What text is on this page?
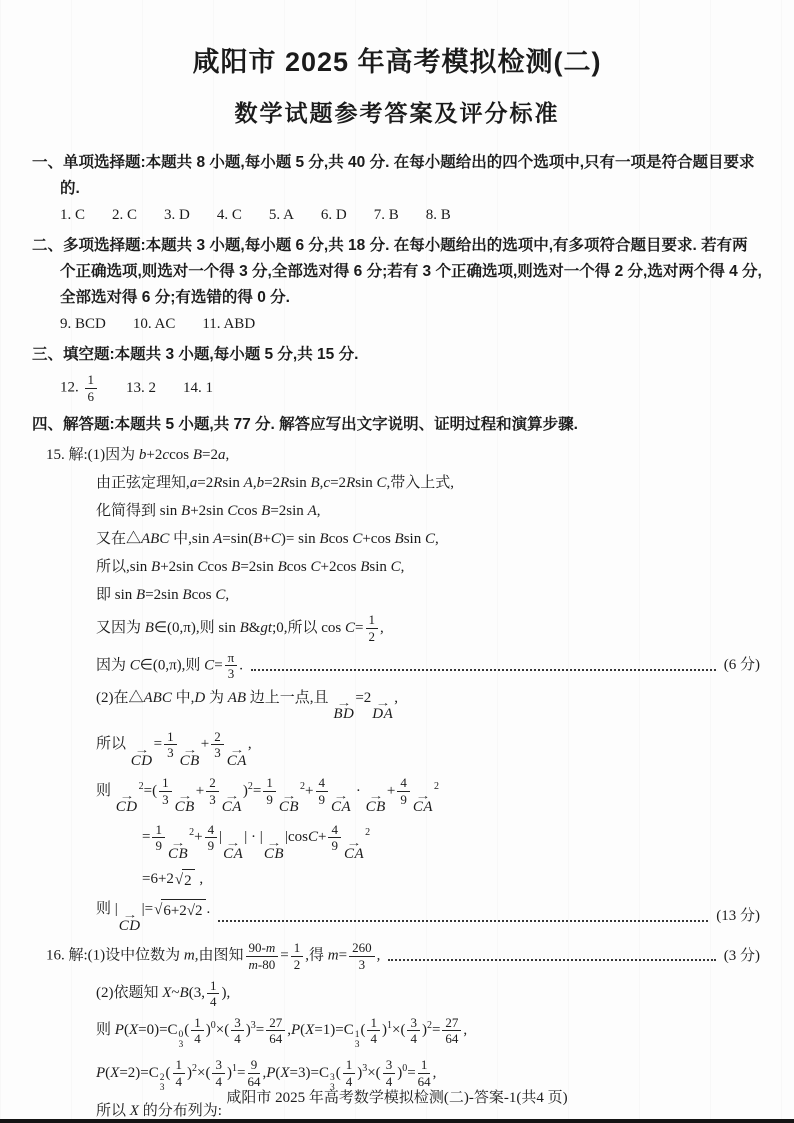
咸阳市 2025 年高考模拟检测(二)
数学试题参考答案及评分标准
一、单项选择题:本题共 8 小题,每小题 5 分,共 40 分. 在每小题给出的四个选项中,只有一项是符合题目要求的.
1. C 2. C 3. D 4. C 5. A 6. D 7. B 8. B
二、多项选择题:本题共 3 小题,每小题 6 分,共 18 分. 在每小题给出的选项中,有多项符合题目要求. 若有两个正确选项,则选对一个得 3 分,全部选对得 6 分;若有 3 个正确选项,则选对一个得 2 分,选对两个得 4 分,全部选对得 6 分;有选错的得 0 分.
9. BCD 10. AC 11. ABD
三、填空题:本题共 3 小题,每小题 5 分,共 15 分.
12. $\frac{1}{6} 13$. 2 14. 1
四、解答题:本题共 5 小题,共 77 分. 解答应写出文字说明、证明过程和演算步骤.
15. 解:(1)因为 b+2ccos B=2a,
由正弦定理知,a=2Rsin A,b=2Rsin B,c=2Rsin C,带入上式,
化简得到 sin B+2sin Ccos B=2sin A,
又在△ABC 中,sin A=sin(B+C)= sin Bcos C+cos Bsin C,
所以,sin B+2sin Ccos B=2sin Bcos C+2cos Bsin C,
即 sin B=2sin Bcos C,
又因为 B∈(0,π),则 sin B&gt;0,所以 $\cos C= \frac{1}{2}$ ,
因为 C∈(0,π),则 $C= \frac{\pi}{3}$ .	(6 分)
(2)在△ABC 中,D 为 AB 边上一点,且 →
BD
=2 →
DA
,
所以 →
CD
= $\frac{1}{3}$ →
CB
+ $\frac{2}{3}$ →
CA
,
则 →
CD
$^2=( \frac{1}{3}$ →
CB
+ $\frac{2}{3}$ →
CA
)$^2= \frac{1}{9}$ →
CB
$^2+ \frac{4}{9}$ →
CA
· →
CB
+ $\frac{4}{9}$ →
CA
$^2$
= $\frac{1}{9}$ →
CB
$^2+ \frac{4}{9}$ | →
CA
| · | →
CB
$|\cos C+ \frac{4}{9}$ →
CA
$^2$
=6+2 √ 2 ,
则 | →
CD
|= √ 6+2√2 .	(13 分)
16. 解:(1)设中位数为 m,由图知 $\frac{90-m}{m-80} = \frac{1}{2}$ ,得 $m= \frac{260}{3}$ ,	(3 分)
(2)依题知 X~B(3, $\frac{1}{4}$ ),
则 P(X=0)=C 0
3
( $\frac{1}{4} )^0\times( \frac{3}{4} )^3= \frac{27}{64} ,P(X=1)=C$ 1
3
( $\frac{1}{4} )^1\times( \frac{3}{4} )^2= \frac{27}{64}$ ,
P(X=2)=C 2
3
( $\frac{1}{4} )^2\times( \frac{3}{4} )^1= \frac{9}{64} ,P(X=3)=C$ 3
3
( $\frac{1}{4} )^3\times( \frac{3}{4} )^0= \frac{1}{64}$ ,
所以 X 的分布列为:
咸阳市 2025 年高考数学模拟检测(二)-答案-1(共4 页)
